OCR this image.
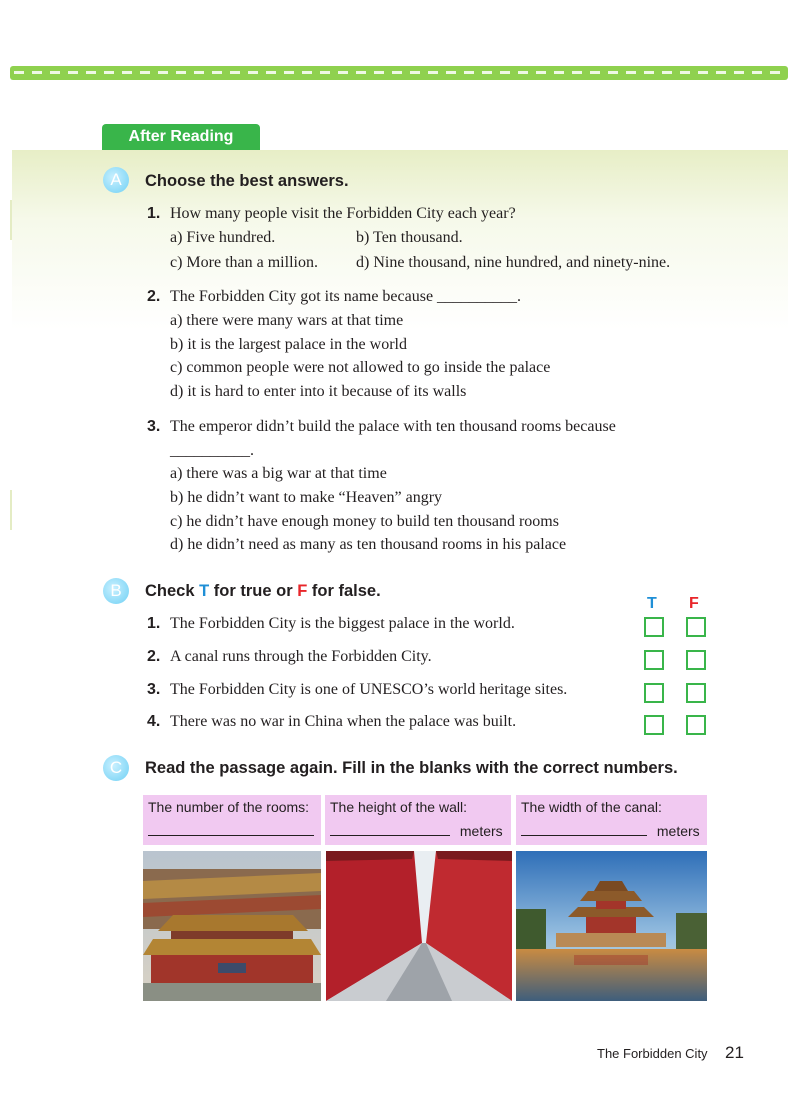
After Reading
A	Choose the best answers.
1. How many people visit the Forbidden City each year?
a) Five hundred.	b) Ten thousand.
c) More than a million. d) Nine thousand, nine hundred, and ninety-nine.
2. The Forbidden City got its name because __________.
a) there were many wars at that time
b) it is the largest palace in the world
c) common people were not allowed to go inside the palace
d) it is hard to enter into it because of its walls
3. The emperor didn’t build the palace with ten thousand rooms because
__________.
a) there was a big war at that time
b) he didn’t want to make “Heaven” angry
c) he didn’t have enough money to build ten thousand rooms
d) he didn’t need as many as ten thousand rooms in his palace
B	Check T for true or F for false.
T F
1. The Forbidden City is the biggest palace in the world.
2. A canal runs through the Forbidden City.
3. The Forbidden City is one of UNESCO’s world heritage sites.
4. There was no war in China when the palace was built.
C	Read the passage again. Fill in the blanks with the correct numbers.
The number of the rooms:	The height of the wall:
meters
The width of the canal:
meters
The Forbidden City 21
